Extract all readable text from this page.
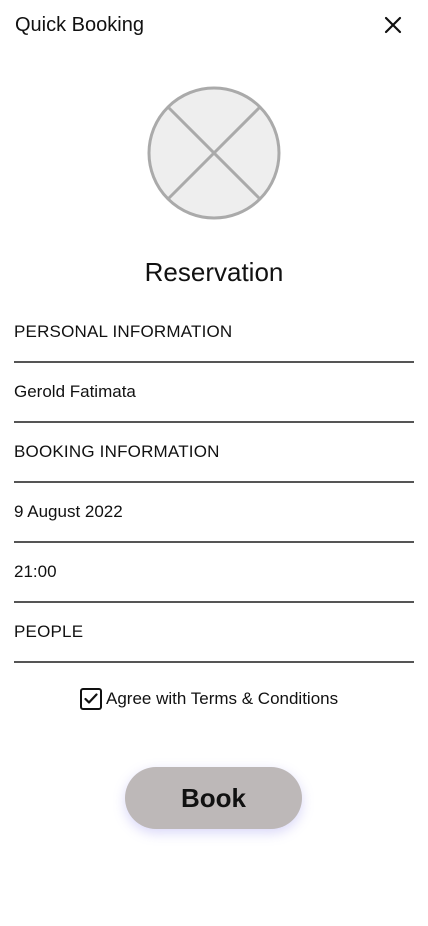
Quick Booking
Reservation
PERSONAL INFORMATION
Gerold Fatimata
BOOKING INFORMATION
9 August 2022
21:00
PEOPLE
Agree with Terms & Conditions
Book
